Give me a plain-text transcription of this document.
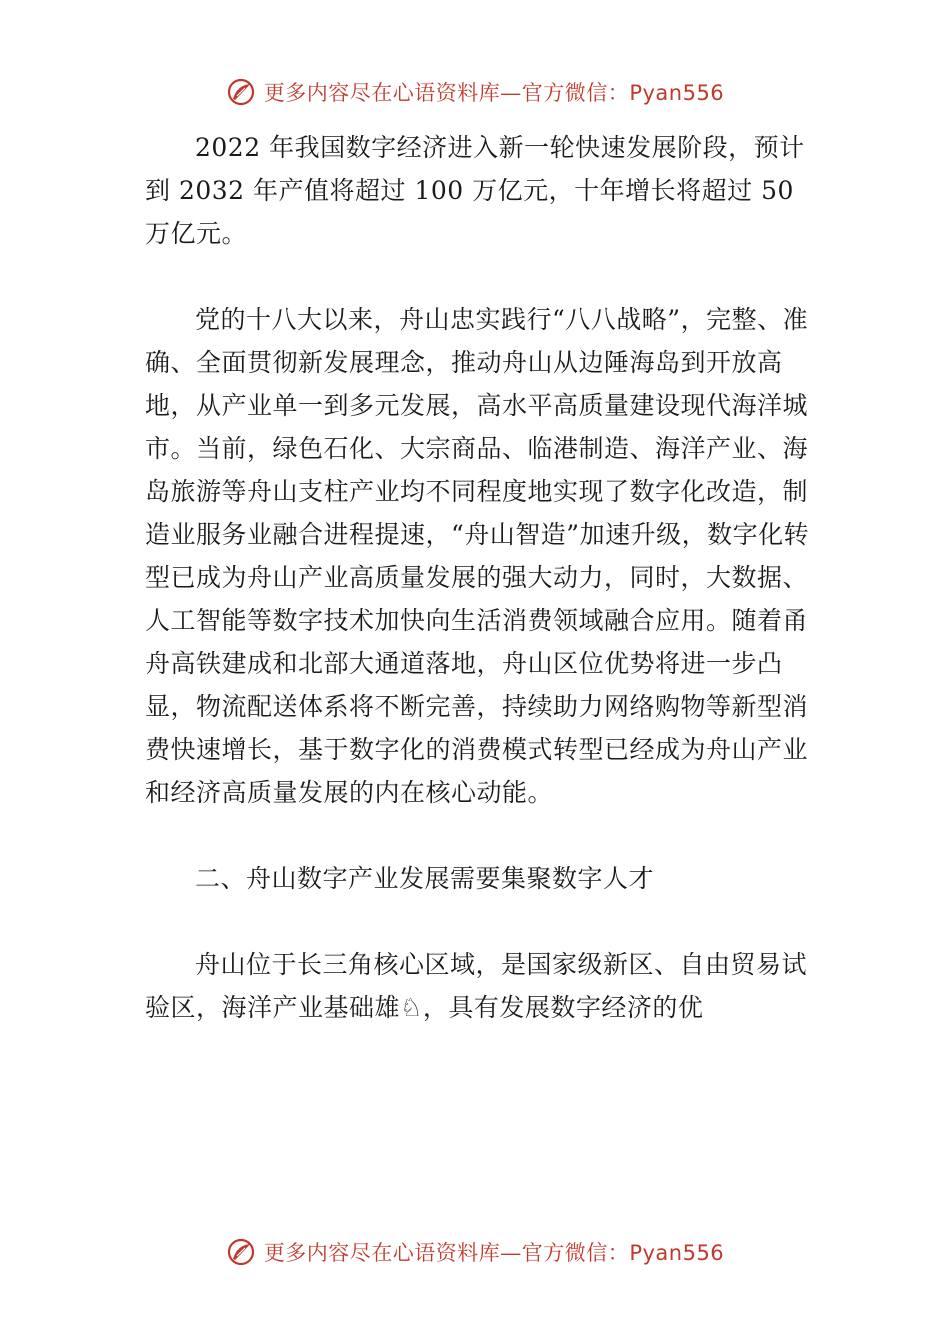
更多内容尽在心语资料库—官方微信：Pyan556

2022 年我国数字经济进入新一轮快速发展阶段，预计到 2032 年产值将超过 100 万亿元，十年增长将超过 50 万亿元。

党的十八大以来，舟山忠实践行“八八战略”，完整、准确、全面贯彻新发展理念，推动舟山从边陲海岛到开放高地，从产业单一到多元发展，高水平高质量建设现代海洋城市。当前，绿色石化、大宗商品、临港制造、海洋产业、海岛旅游等舟山支柱产业均不同程度地实现了数字化改造，制造业服务业融合进程提速，“舟山智造”加速升级，数字化转型已成为舟山产业高质量发展的强大动力，同时，大数据、人工智能等数字技术加快向生活消费领域融合应用。随着甬舟高铁建成和北部大通道落地，舟山区位优势将进一步凸显，物流配送体系将不断完善，持续助力网络购物等新型消费快速增长，基于数字化的消费模式转型已经成为舟山产业和经济高质量发展的内在核心动能。

二、舟山数字产业发展需要集聚数字人才

舟山位于长三角核心区域，是国家级新区、自由贸易试验区，海洋产业基础雄♘，具有发展数字经济的优

更多内容尽在心语资料库—官方微信：Pyan556
